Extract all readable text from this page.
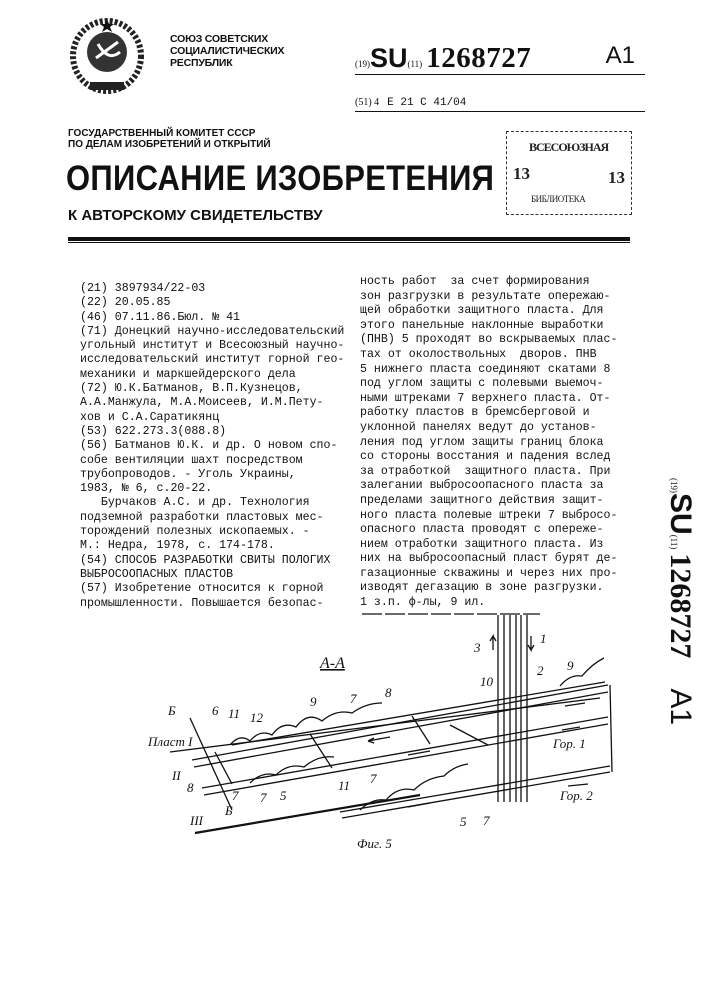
СОЮЗ СОВЕТСКИХ
СОЦИАЛИСТИЧЕСКИХ
РЕСПУБЛИК	(19)SU(11) 1268727	A1
(51) 4 E 21 C 41/04
ГОСУДАРСТВЕННЫЙ КОМИТЕТ СССР
ПО ДЕЛАМ ИЗОБРЕТЕНИЙ И ОТКРЫТИЙ
ОПИСАНИЕ ИЗОБРЕТЕНИЯ
К АВТОРСКОМУ СВИДЕТЕЛЬСТВУ
ВСЕСОЮЗНАЯ
13	13
БИБЛИОТЕКА
(21) 3897934/22-03
(22) 20.05.85
(46) 07.11.86.Бюл. № 41
(71) Донецкий научно-исследовательский
угольный институт и Всесоюзный научно-
исследовательский институт горной гео-
механики и маркшейдерского дела
(72) Ю.К.Батманов, В.П.Кузнецов,
А.А.Манжула, М.А.Моисеев, И.М.Пету-
хов и С.А.Саратикянц
(53) 622.273.3(088.8)
(56) Батманов Ю.К. и др. О новом спо-
собе вентиляции шахт посредством
трубопроводов. - Уголь Украины,
1983, № 6, с.20-22.
Бурчаков А.С. и др. Технология
подземной разработки пластовых мес-
торождений полезных ископаемых. -
М.: Недра, 1978, с. 174-178.
(54) СПОСОБ РАЗРАБОТКИ СВИТЫ ПОЛОГИХ
ВЫБРОСООПАСНЫХ ПЛАСТОВ
(57) Изобретение относится к горной
промышленности. Повышается безопас-
ность работ  за счет формирования
зон разгрузки в результате опережаю-
щей обработки защитного пласта. Для
этого панельные наклонные выработки
(ПНВ) 5 проходят во вскрываемых плас-
тах от околоствольных  дворов. ПНВ
5 нижнего пласта соединяют скатами 8
под углом защиты с полевыми выемоч-
ными штреками 7 верхнего пласта. От-
работку пластов в бремсберговой и
уклонной панелях ведут до установ-
ления под углом защиты границ блока
со стороны восстания и падения вслед
за отработкой  защитного пласта. При
залегании выбросоопасного пласта за
пределами защитного действия защит-
ного пласта полевые штреки 7 выбросо-
опасного пласта проводят с опереже-
нием отработки защитного пласта. Из
них на выбросоопасный пласт бурят де-
газационные скважины и через них про-
изводят дегазацию в зоне разгрузки.
1 з.п. ф-лы, 9 ил.
(19)SU(11)1268727A1
А-А
Пласт I
II
III
Гор. 1
Гор. 2
Б
Б
Фиг. 5
1
2
3
5
5
6
7
7
7
7
7
8
8
9
9
10
11
11
12
